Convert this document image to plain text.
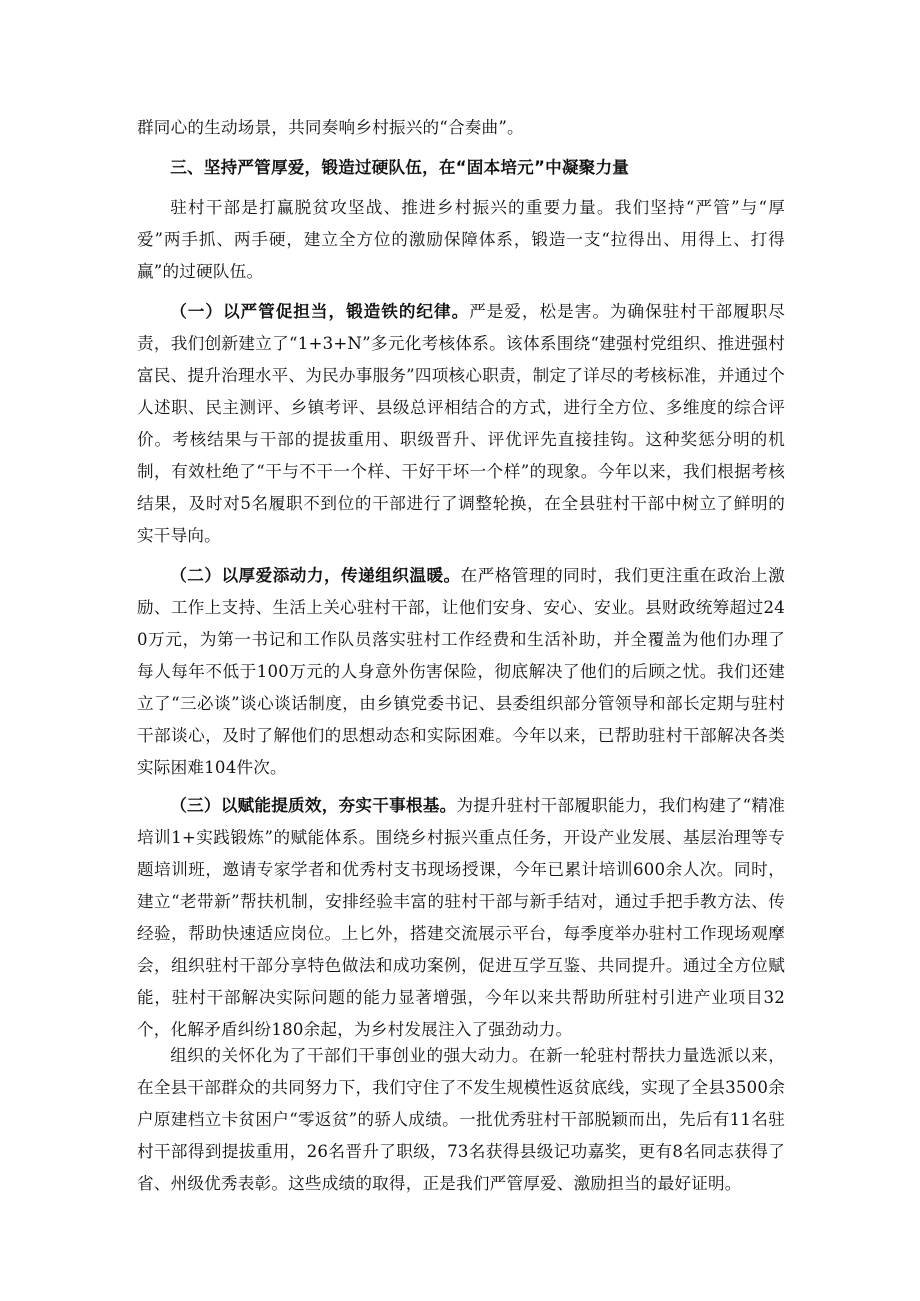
群同心的生动场景，共同奏响乡村振兴的“合奏曲”。

三、坚持严管厚爱，锻造过硬队伍，在“固本培元”中凝聚力量

驻村干部是打赢脱贫攻坚战、推进乡村振兴的重要力量。我们坚持“严管”与“厚爱”两手抓、两手硬，建立全方位的激励保障体系，锻造一支“拉得出、用得上、打得赢”的过硬队伍。

（一）以严管促担当，锻造铁的纪律。严是爱，松是害。为确保驻村干部履职尽责，我们创新建立了“1+3+N”多元化考核体系。该体系围绕“建强村党组织、推进强村富民、提升治理水平、为民办事服务”四项核心职责，制定了详尽的考核标准，并通过个人述职、民主测评、乡镇考评、县级总评相结合的方式，进行全方位、多维度的综合评价。考核结果与干部的提拔重用、职级晋升、评优评先直接挂钩。这种奖惩分明的机制，有效杜绝了“干与不干一个样、干好干坏一个样”的现象。今年以来，我们根据考核结果，及时对5名履职不到位的干部进行了调整轮换，在全县驻村干部中树立了鲜明的实干导向。

（二）以厚爱添动力，传递组织温暖。在严格管理的同时，我们更注重在政治上激励、工作上支持、生活上关心驻村干部，让他们安身、安心、安业。县财政统筹超过240万元，为第一书记和工作队员落实驻村工作经费和生活补助，并全覆盖为他们办理了每人每年不低于100万元的人身意外伤害保险，彻底解决了他们的后顾之忧。我们还建立了“三必谈”谈心谈话制度，由乡镇党委书记、县委组织部分管领导和部长定期与驻村干部谈心，及时了解他们的思想动态和实际困难。今年以来，已帮助驻村干部解决各类实际困难104件次。

（三）以赋能提质效，夯实干事根基。为提升驻村干部履职能力，我们构建了“精准培训1+实践锻炼”的赋能体系。围绕乡村振兴重点任务，开设产业发展、基层治理等专题培训班，邀请专家学者和优秀村支书现场授课，今年已累计培训600余人次。同时，建立“老带新”帮扶机制，安排经验丰富的驻村干部与新手结对，通过手把手教方法、传经验，帮助快速适应岗位。上匕外，搭建交流展示平台，每季度举办驻村工作现场观摩会，组织驻村干部分享特色做法和成功案例，促进互学互鉴、共同提升。通过全方位赋能，驻村干部解决实际问题的能力显著增强，今年以来共帮助所驻村引进产业项目32个，化解矛盾纠纷180余起，为乡村发展注入了强劲动力。

组织的关怀化为了干部们干事创业的强大动力。在新一轮驻村帮扶力量选派以来，在全县干部群众的共同努力下，我们守住了不发生规模性返贫底线，实现了全县3500余户原建档立卡贫困户“零返贫”的骄人成绩。一批优秀驻村干部脱颖而出，先后有11名驻村干部得到提拔重用，26名晋升了职级，73名获得县级记功嘉奖，更有8名同志获得了省、州级优秀表彰。这些成绩的取得，正是我们严管厚爱、激励担当的最好证明。
